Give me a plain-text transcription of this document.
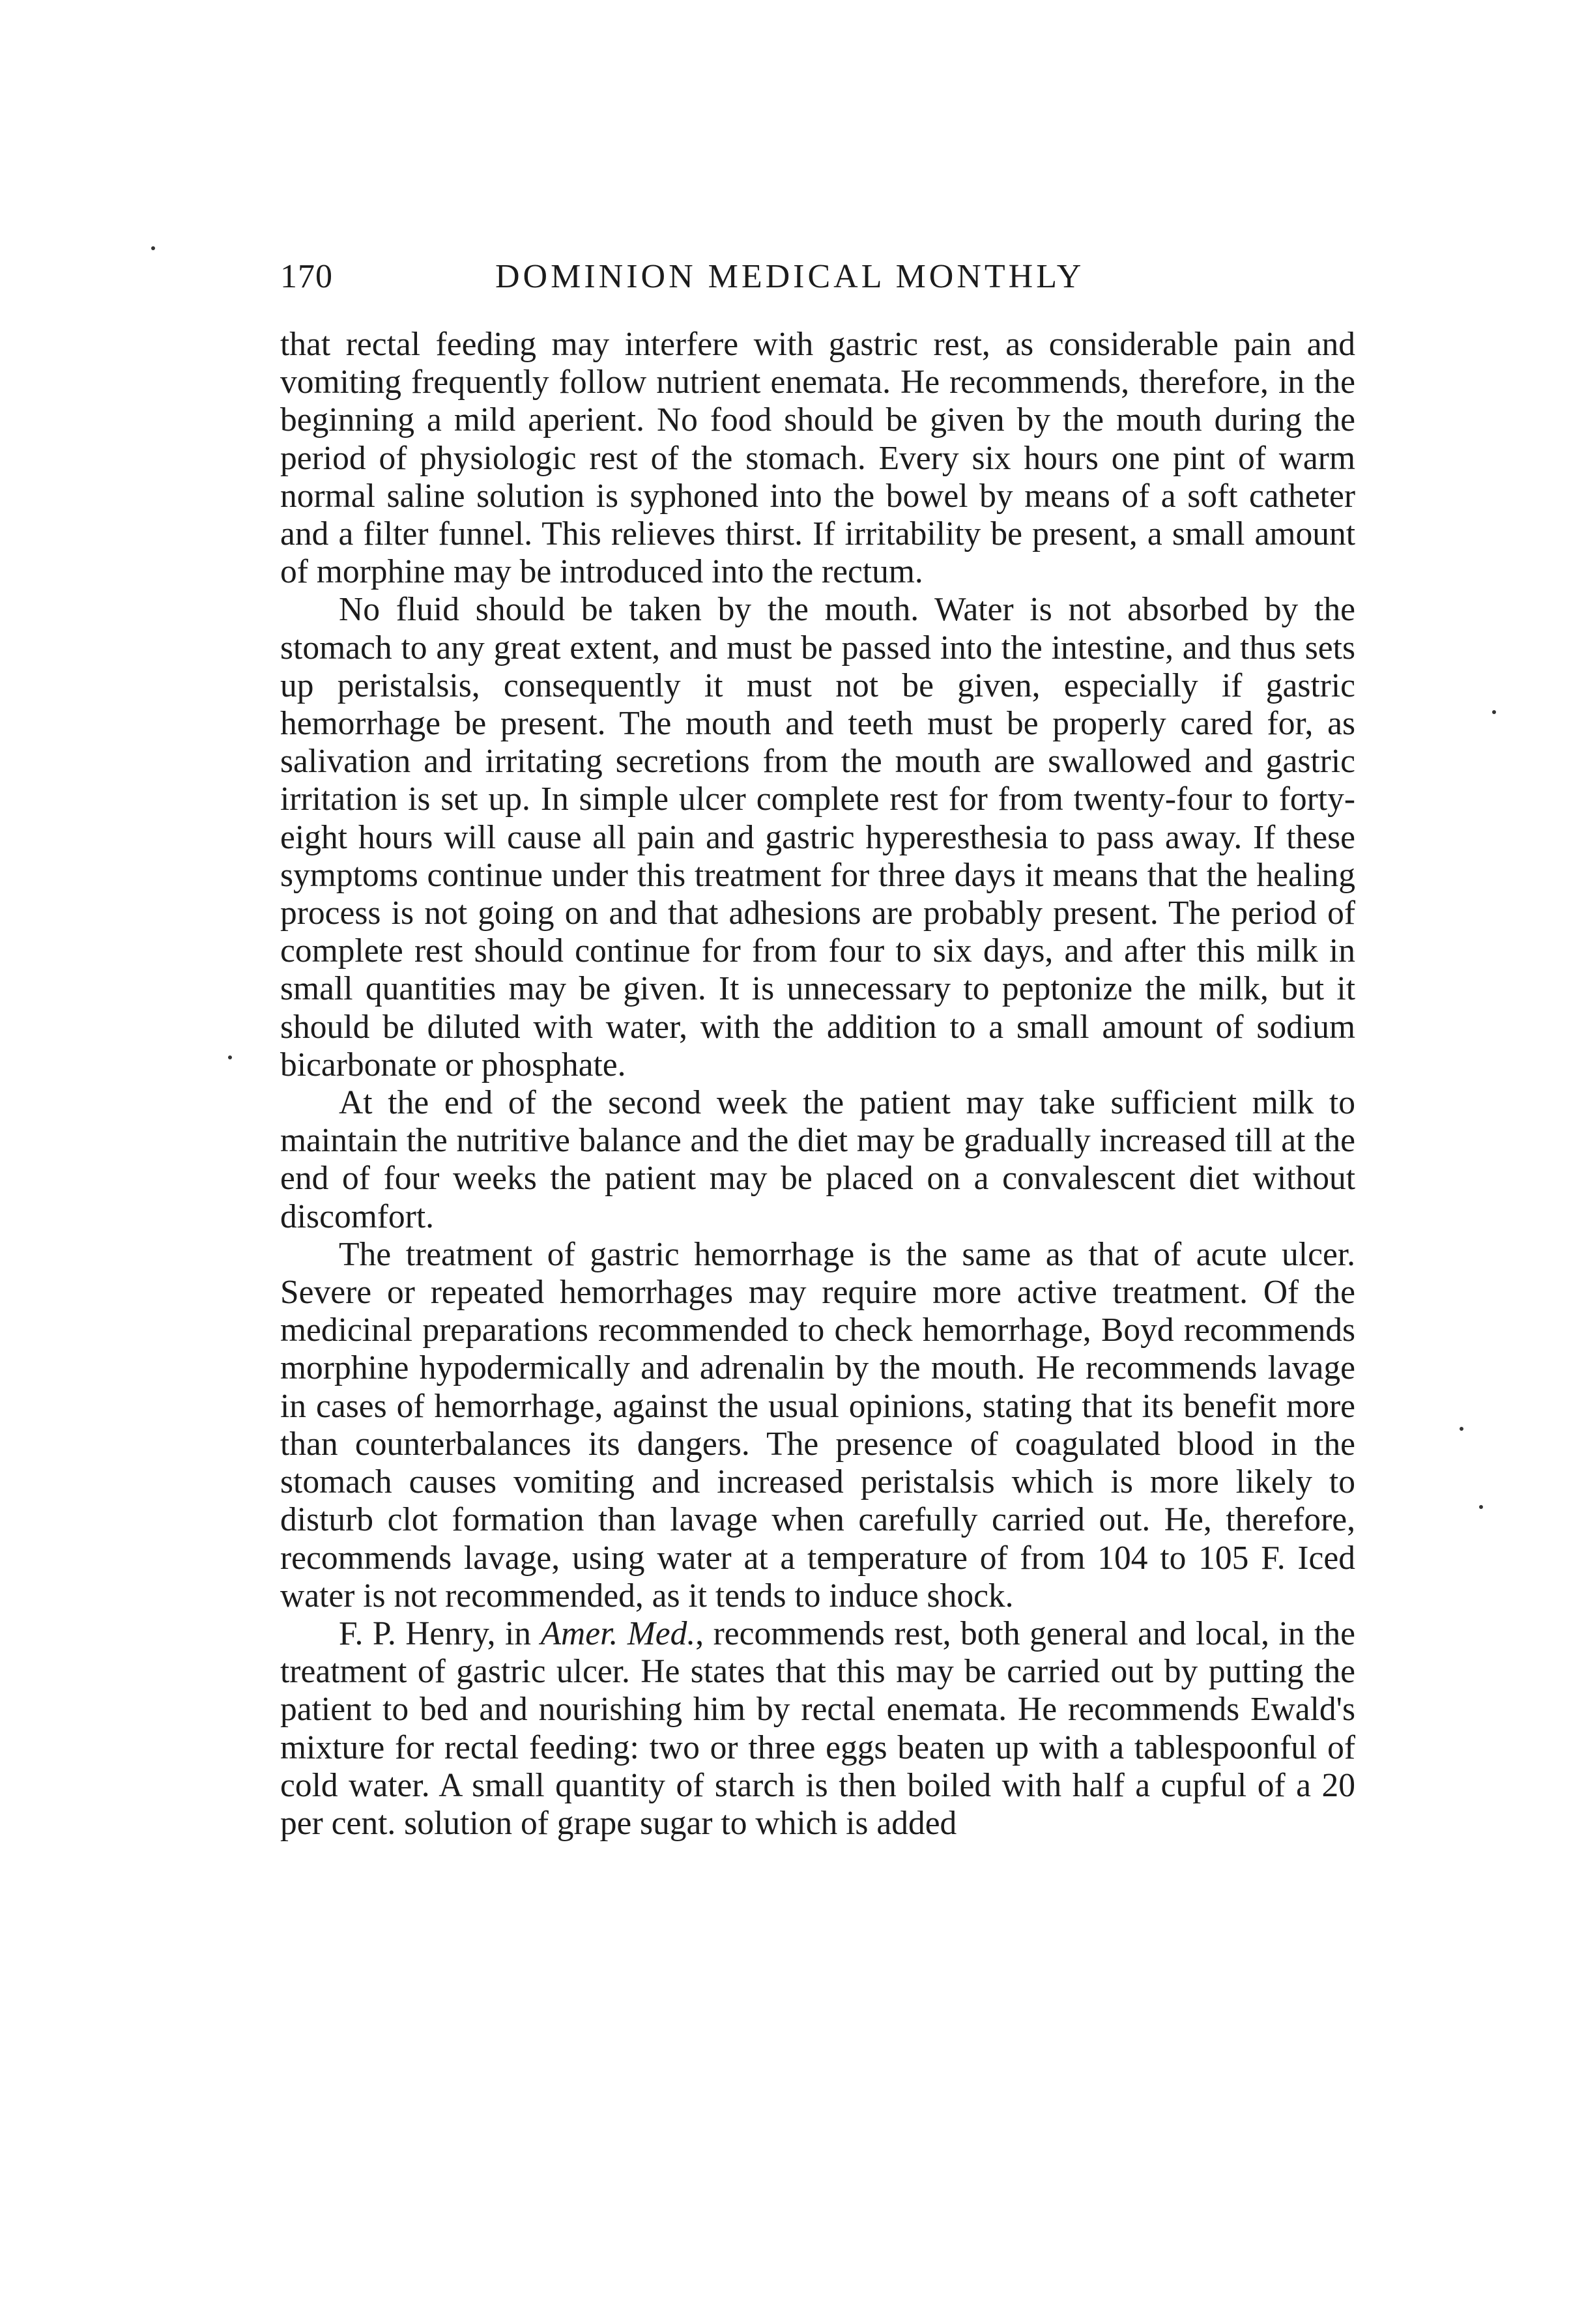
170	DOMINION MEDICAL MONTHLY

that rectal feeding may interfere with gastric rest, as considerable pain and vomiting frequently follow nutrient enemata. He recommends, therefore, in the beginning a mild aperient. No food should be given by the mouth during the period of physiologic rest of the stomach. Every six hours one pint of warm normal saline solution is syphoned into the bowel by means of a soft catheter and a filter funnel. This relieves thirst. If irritability be present, a small amount of morphine may be introduced into the rectum.

No fluid should be taken by the mouth. Water is not absorbed by the stomach to any great extent, and must be passed into the intestine, and thus sets up peristalsis, consequently it must not be given, especially if gastric hemorrhage be present. The mouth and teeth must be properly cared for, as salivation and irritating secretions from the mouth are swallowed and gastric irritation is set up. In simple ulcer complete rest for from twenty-four to forty-eight hours will cause all pain and gastric hyperesthesia to pass away. If these symptoms continue under this treatment for three days it means that the healing process is not going on and that adhesions are probably present. The period of complete rest should continue for from four to six days, and after this milk in small quantities may be given. It is unnecessary to peptonize the milk, but it should be diluted with water, with the addition to a small amount of sodium bicarbonate or phosphate.

At the end of the second week the patient may take sufficient milk to maintain the nutritive balance and the diet may be gradually increased till at the end of four weeks the patient may be placed on a convalescent diet without discomfort.

The treatment of gastric hemorrhage is the same as that of acute ulcer. Severe or repeated hemorrhages may require more active treatment. Of the medicinal preparations recommended to check hemorrhage, Boyd recommends morphine hypodermically and adrenalin by the mouth. He recommends lavage in cases of hemorrhage, against the usual opinions, stating that its benefit more than counterbalances its dangers. The presence of coagulated blood in the stomach causes vomiting and increased peristalsis which is more likely to disturb clot formation than lavage when carefully carried out. He, therefore, recommends lavage, using water at a temperature of from 104 to 105 F. Iced water is not recommended, as it tends to induce shock.

F. P. Henry, in Amer. Med., recommends rest, both general and local, in the treatment of gastric ulcer. He states that this may be carried out by putting the patient to bed and nourishing him by rectal enemata. He recommends Ewald's mixture for rectal feeding: two or three eggs beaten up with a tablespoonful of cold water. A small quantity of starch is then boiled with half a cupful of a 20 per cent. solution of grape sugar to which is added
